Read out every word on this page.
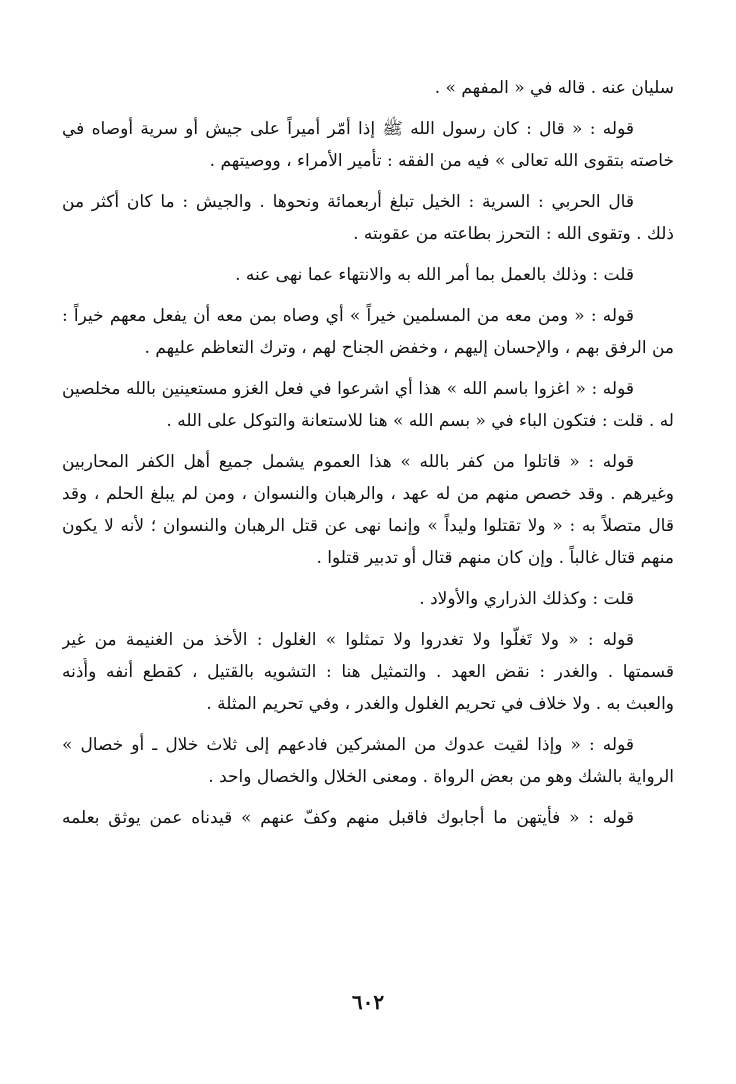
سليان عنه . قاله في « المفهم » .
قوله : « قال : كان رسول الله ﷺ إذا أمّر أميراً على جيش أو سرية أوصاه في
خاصته بتقوى الله تعالى » فيه من الفقه : تأمير الأمراء ، ووصيتهم .
قال الحربي : السرية : الخيل تبلغ أربعمائة ونحوها . والجيش : ما كان أكثر من
ذلك . وتقوى الله : التحرز بطاعته من عقوبته .
قلت : وذلك بالعمل بما أمر الله به والانتهاء عما نهى عنه .
قوله : « ومن معه من المسلمين خيراً » أي وصاه بمن معه أن يفعل معهم خيراً :
من الرفق بهم ، والإحسان إليهم ، وخفض الجناح لهم ، وترك التعاظم عليهم .
قوله : « اغزوا باسم الله » هذا أي اشرعوا في فعل الغزو مستعينين بالله مخلصين
له . قلت : فتكون الباء في « بسم الله » هنا للاستعانة والتوكل على الله .
قوله : « قاتلوا من كفر بالله » هذا العموم يشمل جميع أهل الكفر المحاربين
وغيرهم . وقد خصص منهم من له عهد ، والرهبان والنسوان ، ومن لم يبلغ الحلم ، وقد
قال متصلاً به : « ولا تقتلوا وليداً » وإنما نهى عن قتل الرهبان والنسوان ؛ لأنه لا يكون
منهم قتال غالباً . وإن كان منهم قتال أو تدبير قتلوا .
قلت : وكذلك الذراري والأولاد .
قوله : « ولا تَغلّوا ولا تغدروا ولا تمثلوا » الغلول : الأخذ من الغنيمة من غير
قسمتها . والغدر : نقض العهد . والتمثيل هنا : التشويه بالقتيل ، كقطع أنفه وأُذنه
والعبث به . ولا خلاف في تحريم الغلول والغدر ، وفي تحريم المثلة .
قوله : « وإذا لقيت عدوك من المشركين فادعهم إلى ثلاث خلال ـ أو خصال »
الرواية بالشك وهو من بعض الرواة . ومعنى الخلال والخصال واحد .
قوله : « فأيتهن ما أجابوك فاقبل منهم وكفّ عنهم » قيدناه عمن يوثق بعلمه
٦٠٢
